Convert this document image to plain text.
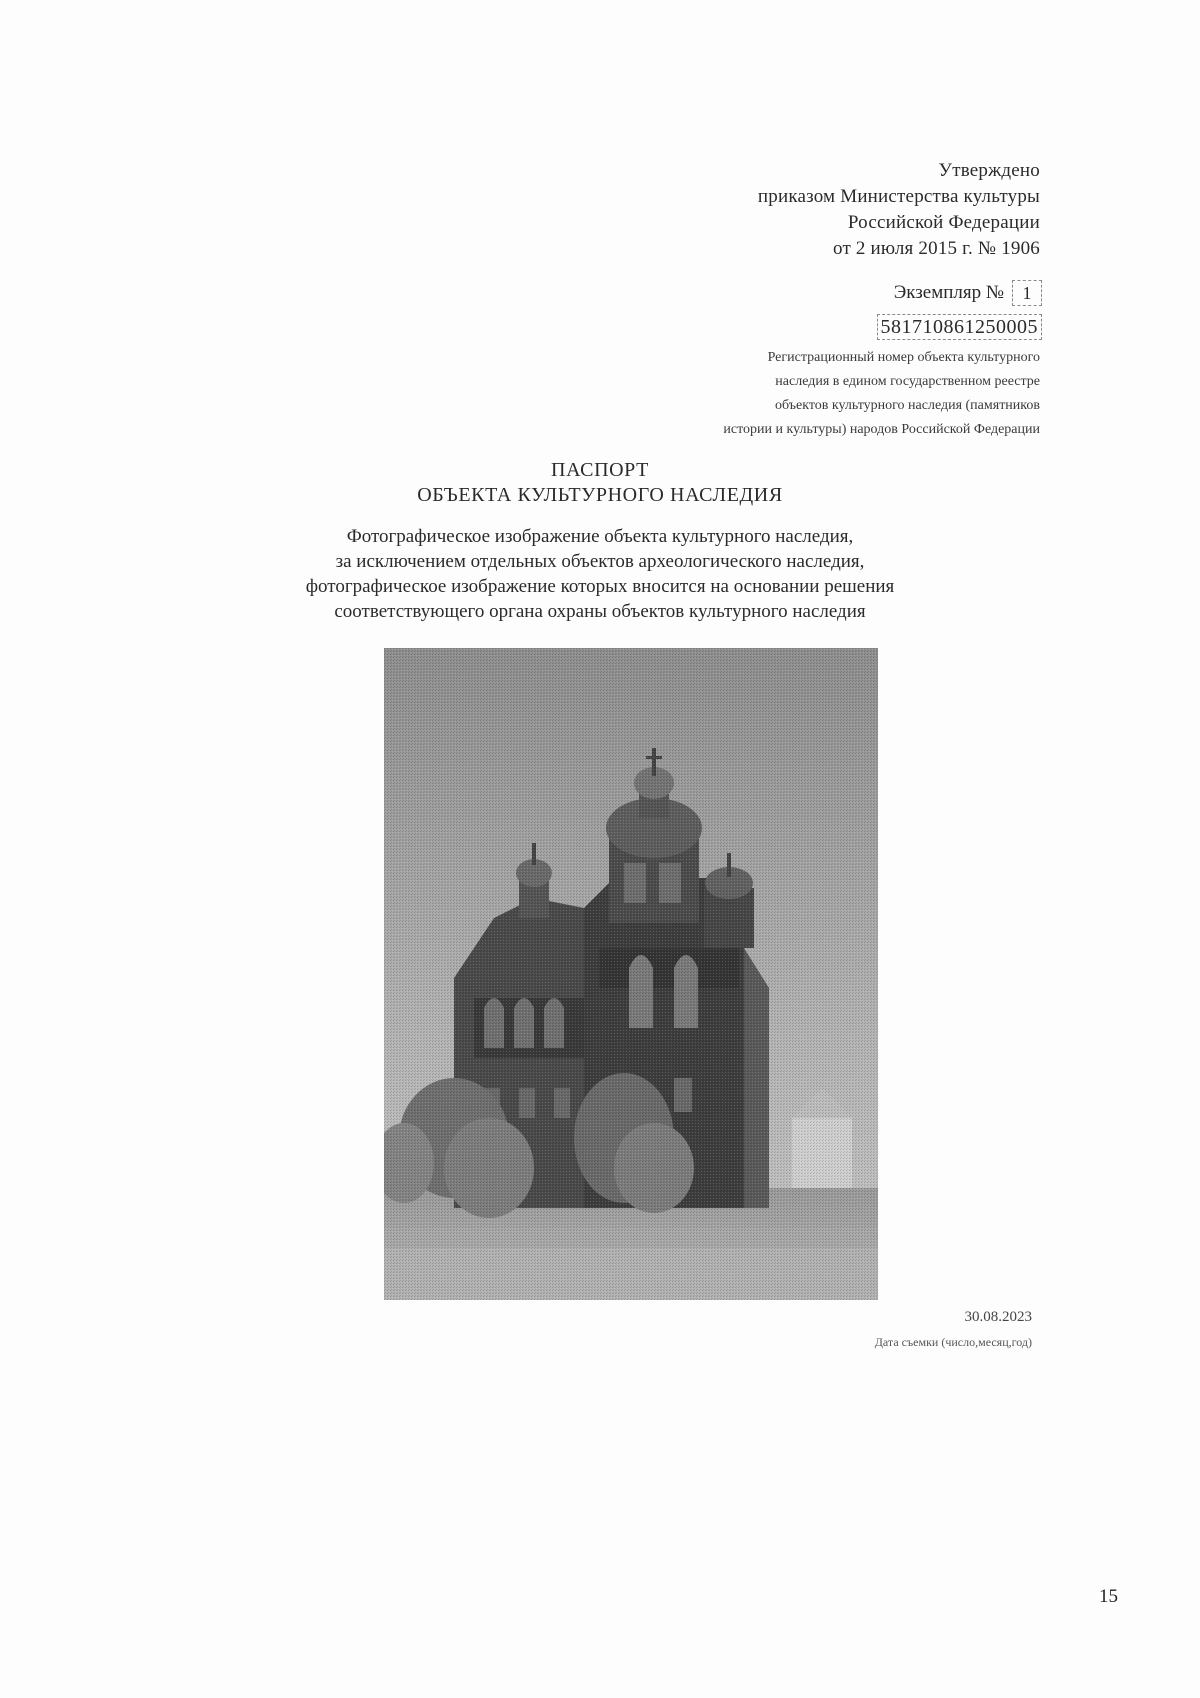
Утверждено
приказом Министерства культуры
Российской Федерации
от 2 июля 2015 г. № 1906
Экземпляр №	1
581710861250005
Регистрационный номер объекта культурного
наследия в едином государственном реестре
объектов культурного наследия (памятников
истории и культуры) народов Российской Федерации
ПАСПОРТ
ОБЪЕКТА КУЛЬТУРНОГО НАСЛЕДИЯ
Фотографическое изображение объекта культурного наследия,
за исключением отдельных объектов археологического наследия,
фотографическое изображение которых вносится на основании решения
соответствующего органа охраны объектов культурного наследия
30.08.2023
Дата съемки (число,месяц,год)
15
